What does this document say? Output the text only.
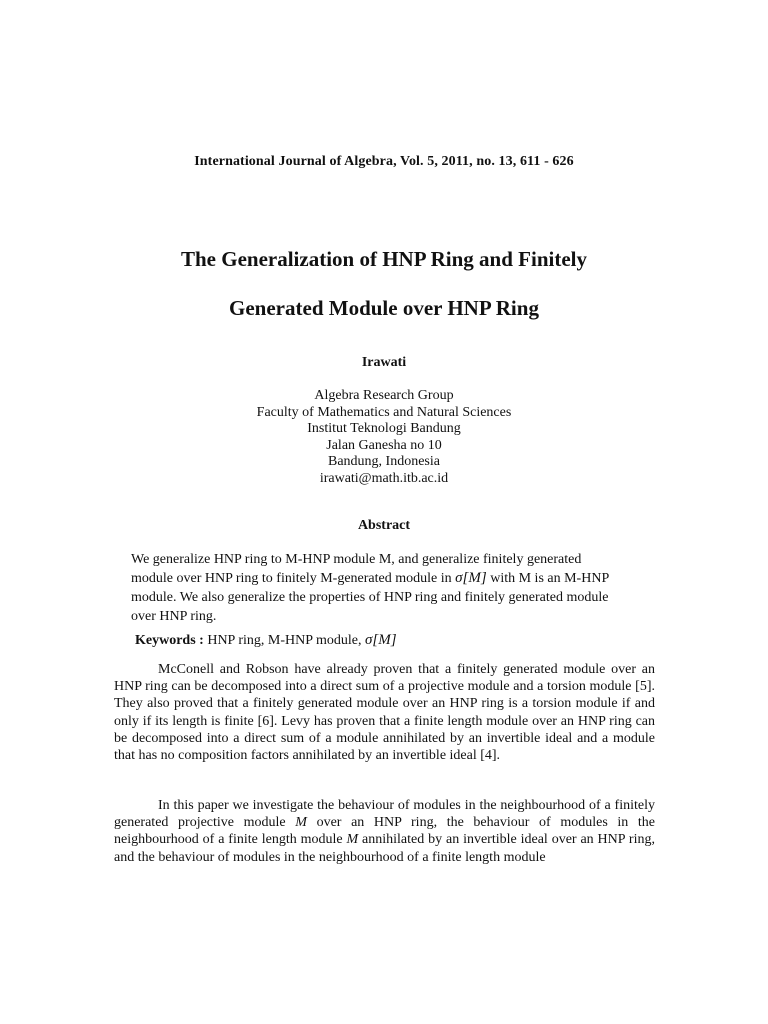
International Journal of Algebra, Vol. 5, 2011, no. 13, 611 - 626
The Generalization of HNP Ring and Finitely
Generated Module over HNP Ring
Irawati
Algebra Research Group
Faculty of Mathematics and Natural Sciences
Institut Teknologi Bandung
Jalan Ganesha no 10
Bandung, Indonesia
irawati@math.itb.ac.id
Abstract
We generalize HNP ring to M-HNP module M, and generalize finitely generated
module over HNP ring to finitely M-generated module in σ[M] with M is an M-HNP
module. We also generalize the properties of HNP ring and finitely generated module
over HNP ring.
Keywords : HNP ring, M-HNP module, σ[M]
McConell and Robson have already proven that a finitely generated module over an HNP ring can be decomposed into a direct sum of a projective module and a torsion module [5]. They also proved that a finitely generated module over an HNP ring is a torsion module if and only if its length is finite [6]. Levy has proven that a finite length module over an HNP ring can be decomposed into a direct sum of a module annihilated by an invertible ideal and a module that has no composition factors annihilated by an invertible ideal [4].
In this paper we investigate the behaviour of modules in the neighbourhood of a finitely generated projective module M over an HNP ring, the behaviour of modules in the neighbourhood of a finite length module M annihilated by an invertible ideal over an HNP ring, and the behaviour of modules in the neighbourhood of a finite length module
